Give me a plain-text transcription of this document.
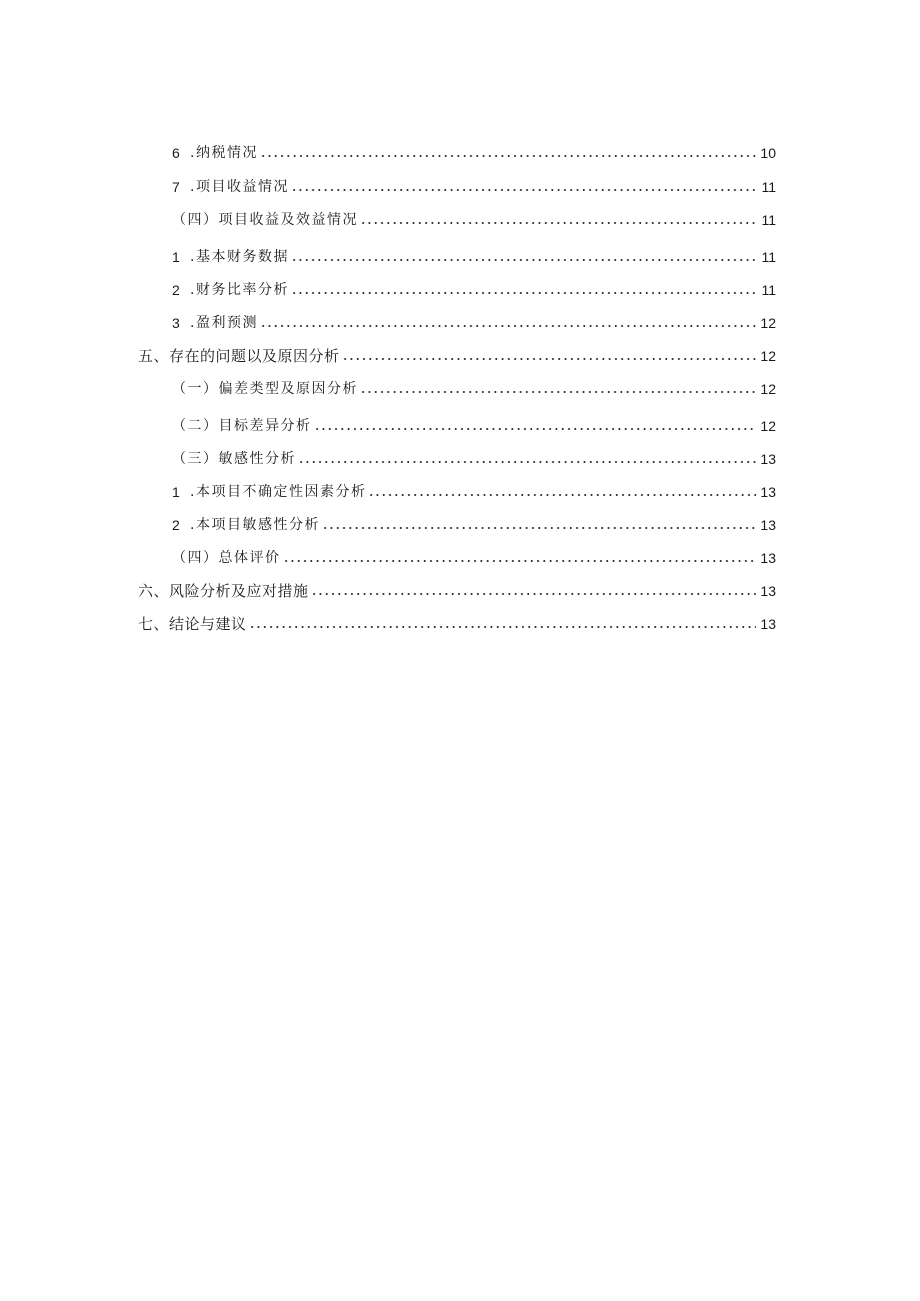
6 .纳税情况	10
7 .项目收益情况	11
（四）项目收益及效益情况	11
1 .基本财务数据	11
2 .财务比率分析	11
3 .盈利预测	12
五、存在的问题以及原因分析	12
（一）偏差类型及原因分析	12
（二）目标差异分析	12
（三）敏感性分析	13
1 .本项目不确定性因素分析	13
2 .本项目敏感性分析	13
（四）总体评价	13
六、风险分析及应对措施	13
七、结论与建议	13
